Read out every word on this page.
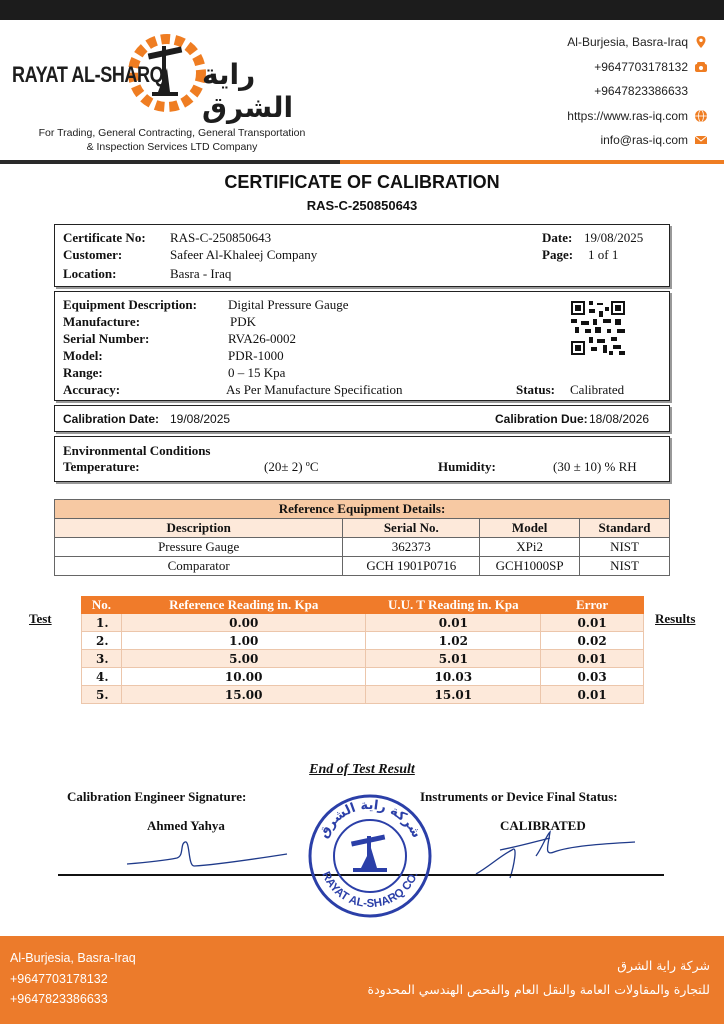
RAYAT AL-SHARQ راية الشرق
For Trading, General Contracting, General Transportation
& Inspection Services LTD Company
Al-Burjesia, Basra-Iraq
+9647703178132
+9647823386633
https://www.ras-iq.com
info@ras-iq.com
CERTIFICATE OF CALIBRATION
RAS-C-250850643
Certificate No: RAS-C-250850643
Customer:	Safeer Al-Khaleej Company
Location:	Basra - Iraq
Date: 19/08/2025
Page: 1 of 1
Equipment Description: Digital Pressure Gauge
Manufacture:	PDK
Serial Number:	RVA26-0002
Model:	PDR-1000
Range:	0 – 15 Kpa
Accuracy:	As Per Manufacture Specification	Status: Calibrated
Calibration Date: 19/08/2025	Calibration Due: 18/08/2026
Environmental Conditions
Temperature:	(20± 2) ºC	Humidity:	(30 ± 10) % RH
Reference Equipment Details:			
Description	Serial No.	Model	Standard
Pressure Gauge	362373	XPi2	NIST
Comparator	GCH 1901P0716	GCH1000SP	NIST
Test	Results
No.	Reference Reading in. Kpa	U.U. T Reading in. Kpa	Error
1.	0.00	0.01	0.01
2.	1.00	1.02	0.02
3.	5.00	5.01	0.01
4.	10.00	10.03	0.03
5.	15.00	15.01	0.01
End of Test Result
Calibration Engineer Signature:
Ahmed Yahya
Instruments or Device Final Status:
CALIBRATED
شركة راية الشرق
RAYAT AL-SHARQ CO.
Al-Burjesia, Basra-Iraq
+9647703178132
+9647823386633
شركة راية الشرق
للتجارة والمقاولات العامة والنقل العام والفحص الهندسي المحدودة
